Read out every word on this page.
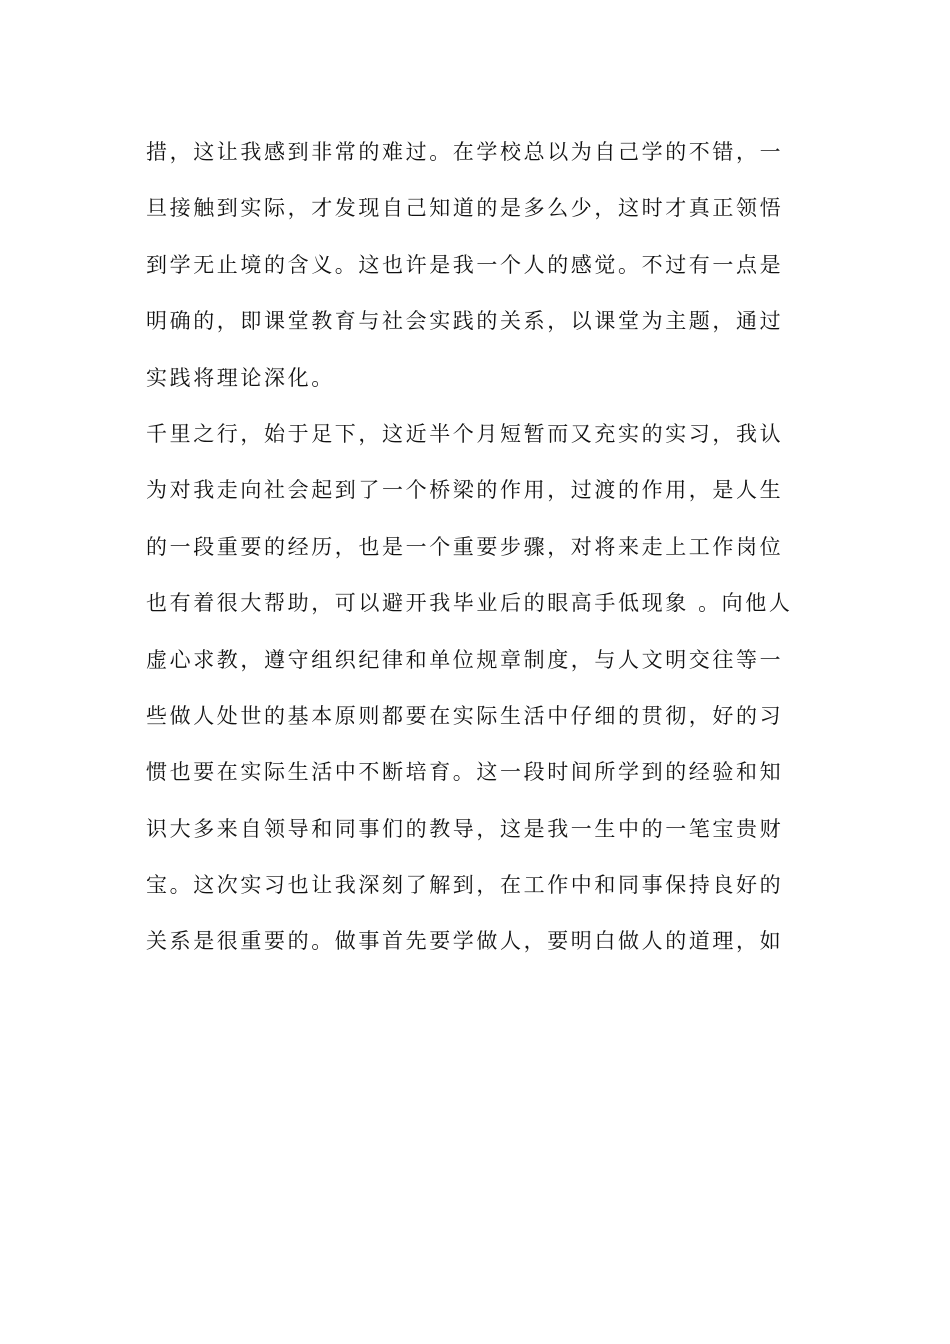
措，这让我感到非常的难过。在学校总以为自己学的不错，一
旦接触到实际，才发现自己知道的是多么少，这时才真正领悟
到学无止境的含义。这也许是我一个人的感觉。不过有一点是
明确的，即课堂教育与社会实践的关系，以课堂为主题，通过
实践将理论深化。
千里之行，始于足下，这近半个月短暂而又充实的实习，我认
为对我走向社会起到了一个桥梁的作用，过渡的作用，是人生
的一段重要的经历，也是一个重要步骤，对将来走上工作岗位
也有着很大帮助，可以避开我毕业后的眼高手低现象 。向他人
虚心求教，遵守组织纪律和单位规章制度，与人文明交往等一
些做人处世的基本原则都要在实际生活中仔细的贯彻，好的习
惯也要在实际生活中不断培育。这一段时间所学到的经验和知
识大多来自领导和同事们的教导，这是我一生中的一笔宝贵财
宝。这次实习也让我深刻了解到，在工作中和同事保持良好的
关系是很重要的。做事首先要学做人，要明白做人的道理，如
